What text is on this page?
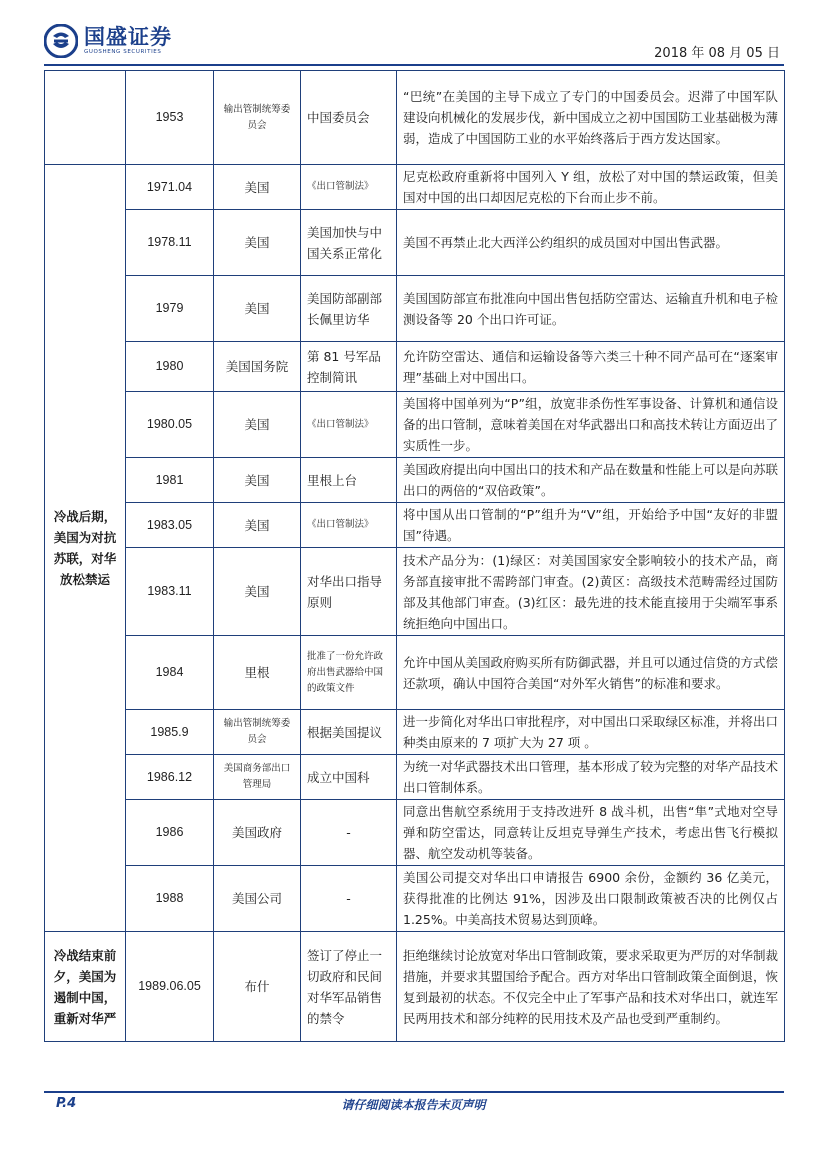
国盛证券
GUOSHENG SECURITIES	2018 年 08 月 05 日
	1953	输出管制统筹委员会	中国委员会	“巴统”在美国的主导下成立了专门的中国委员会。迟滞了中国军队建设向机械化的发展步伐，新中国成立之初中国国防工业基础极为薄弱，造成了中国国防工业的水平始终落后于西方发达国家。
冷战后期，美国为对抗苏联，对华放松禁运	1971.04	美国	《出口管制法》	尼克松政府重新将中国列入 Y 组，放松了对中国的禁运政策，但美国对中国的出口却因尼克松的下台而止步不前。
	1978.11	美国	美国加快与中国关系正常化	美国不再禁止北大西洋公约组织的成员国对中国出售武器。
	1979	美国	美国防部副部长佩里访华	美国国防部宣布批准向中国出售包括防空雷达、运输直升机和电子检测设备等 20 个出口许可证。
	1980	美国国务院	第 81 号军品控制简讯	允许防空雷达、通信和运输设备等六类三十种不同产品可在“逐案审理”基础上对中国出口。
	1980.05	美国	《出口管制法》	美国将中国单列为“P”组，放宽非杀伤性军事设备、计算机和通信设备的出口管制，意味着美国在对华武器出口和高技术转让方面迈出了实质性一步。
	1981	美国	里根上台	美国政府提出向中国出口的技术和产品在数量和性能上可以是向苏联出口的两倍的“双倍政策”。
	1983.05	美国	《出口管制法》	将中国从出口管制的“P”组升为“V”组，开始给予中国“友好的非盟国”待遇。
	1983.11	美国	对华出口指导原则	技术产品分为：(1)绿区：对美国国家安全影响较小的技术产品，商务部直接审批不需跨部门审查。(2)黄区：高级技术范畴需经过国防部及其他部门审查。(3)红区：最先进的技术能直接用于尖端军事系统拒绝向中国出口。
	1984	里根	批准了一份允许政府出售武器给中国的政策文件	允许中国从美国政府购买所有防御武器，并且可以通过信贷的方式偿还款项，确认中国符合美国“对外军火销售”的标准和要求。
	1985.9	输出管制统筹委员会	根据美国提议	进一步简化对华出口审批程序，对中国出口采取绿区标准，并将出口种类由原来的 7 项扩大为 27 项 。
	1986.12	美国商务部出口管理局	成立中国科	为统一对华武器技术出口管理，基本形成了较为完整的对华产品技术出口管制体系。
	1986	美国政府	-	同意出售航空系统用于支持改进歼 8 战斗机，出售“隼”式地对空导弹和防空雷达，同意转让反坦克导弹生产技术，考虑出售飞行模拟器、航空发动机等装备。
	1988	美国公司	-	美国公司提交对华出口申请报告 6900 余份，金额约 36 亿美元，获得批准的比例达 91%，因涉及出口限制政策被否决的比例仅占 1.25%。中美高技术贸易达到顶峰。
冷战结束前夕，美国为遏制中国，重新对华严	1989.06.05	布什	签订了停止一切政府和民间对华军品销售的禁令	拒绝继续讨论放宽对华出口管制政策，要求采取更为严厉的对华制裁措施，并要求其盟国给予配合。西方对华出口管制政策全面倒退，恢复到最初的状态。不仅完全中止了军事产品和技术对华出口，就连军民两用技术和部分纯粹的民用技术及产品也受到严重制约。
P.4	请仔细阅读本报告末页声明
